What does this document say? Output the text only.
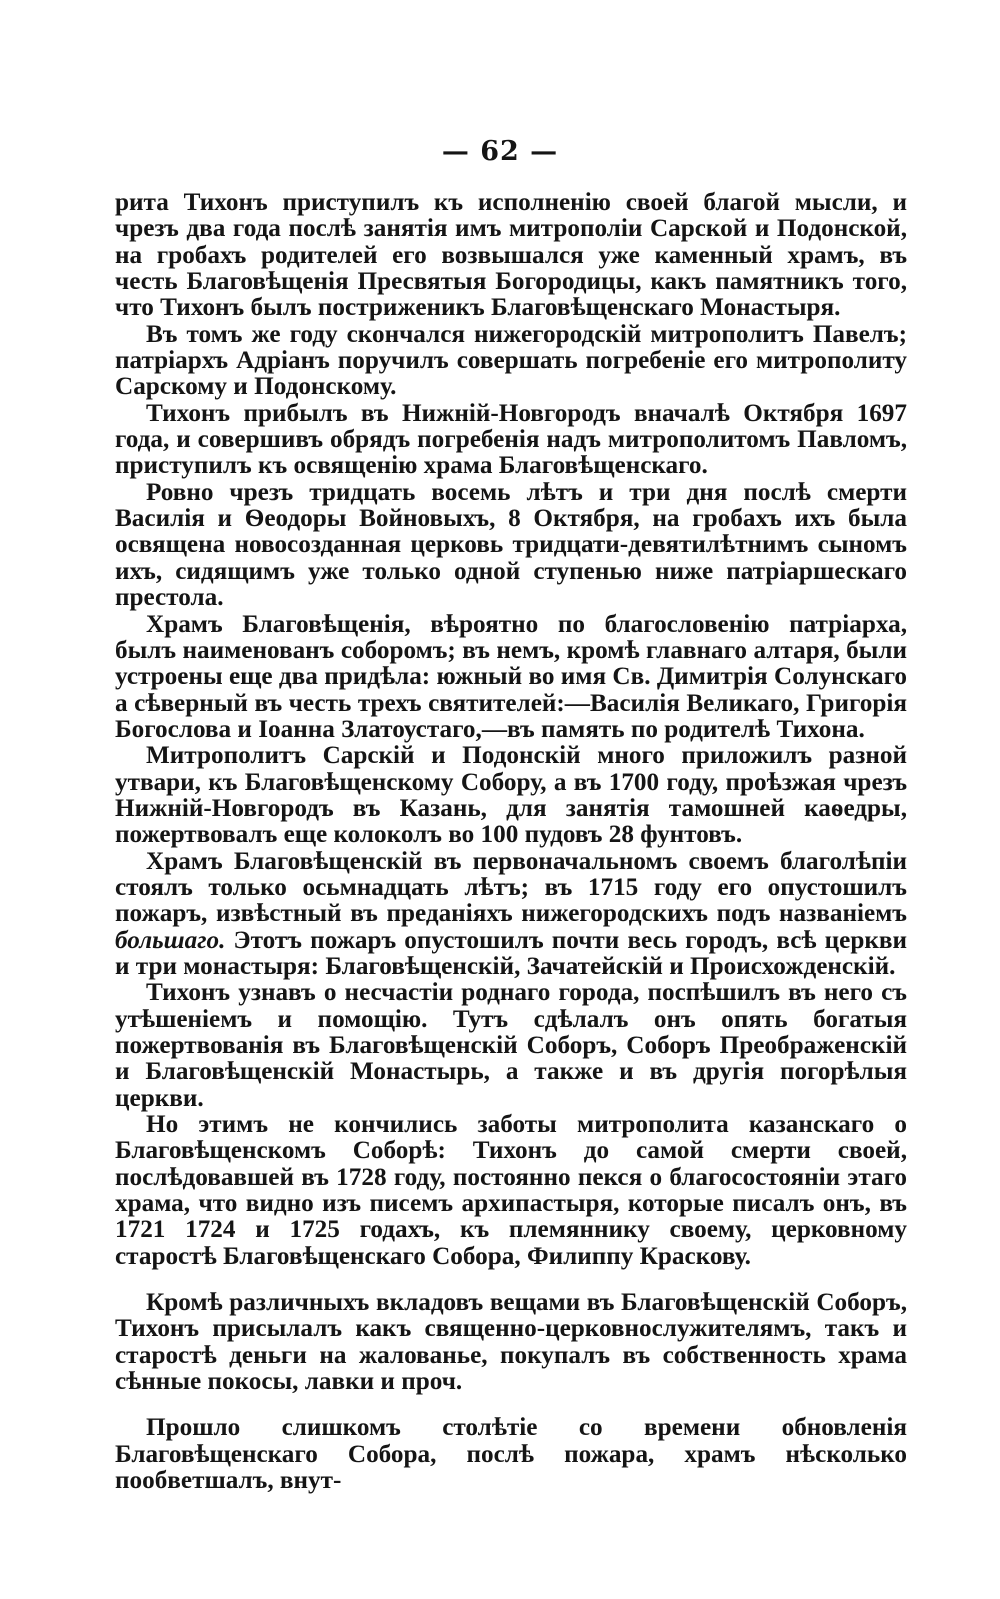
— 62 —

рита Тихонъ приступилъ къ исполненію своей благой мысли, и чрезъ два года послѣ занятія имъ митрополіи Сарской и Подонской, на гробахъ родителей его возвышался уже каменный храмъ, въ честь Благовѣщенія Пресвятыя Богородицы, какъ памятникъ того, что Тихонъ былъ постриженикъ Благовѣщенскаго Монастыря.

Въ томъ же году скончался нижегородскій митрополитъ Павелъ; патріархъ Адріанъ поручилъ совершать погребеніе его митрополиту Сарскому и Подонскому.

Тихонъ прибылъ въ Нижній-Новгородъ вначалѣ Октября 1697 года, и совершивъ обрядъ погребенія надъ митрополитомъ Павломъ, приступилъ къ освященію храма Благовѣщенскаго.

Ровно чрезъ тридцать восемь лѣтъ и три дня послѣ смерти Василія и Ѳеодоры Войновыхъ, 8 Октября, на гробахъ ихъ была освящена новосозданная церковь тридцати-девятилѣтнимъ сыномъ ихъ, сидящимъ уже только одной ступенью ниже патріаршескаго престола.

Храмъ Благовѣщенія, вѣроятно по благословенію патріарха, былъ наименованъ соборомъ; въ немъ, кромѣ главнаго алтаря, были устроены еще два придѣла: южный во имя Св. Димитрія Солунскаго а сѣверный въ честь трехъ святителей:—Василія Великаго, Григорія Богослова и Іоанна Златоустаго,—въ память по родителѣ Тихона.

Митрополитъ Сарскій и Подонскій много приложилъ разной утвари, къ Благовѣщенскому Собору, а въ 1700 году, проѣзжая чрезъ Нижній-Новгородъ въ Казань, для занятія тамошней каѳедры, пожертвовалъ еще колоколъ во 100 пудовъ 28 фунтовъ.

Храмъ Благовѣщенскій въ первоначальномъ своемъ благолѣпіи стоялъ только осьмнадцать лѣтъ; въ 1715 году его опустошилъ пожаръ, извѣстный въ преданіяхъ нижегородскихъ подъ названіемъ большаго. Этотъ пожаръ опустошилъ почти весь городъ, всѣ церкви и три монастыря: Благовѣщенскій, Зачатейскій и Происхожденскій.

Тихонъ узнавъ о несчастіи роднаго города, поспѣшилъ въ него съ утѣшеніемъ и помощію. Тутъ сдѣлалъ онъ опять богатыя пожертвованія въ Благовѣщенскій Соборъ, Соборъ Преображенскій и Благовѣщенскій Монастырь, а также и въ другія погорѣлыя церкви.

Но этимъ не кончились заботы митрополита казанскаго о Благовѣщенскомъ Соборѣ: Тихонъ до самой смерти своей, послѣдовавшей въ 1728 году, постоянно пекся о благосостояніи этаго храма, что видно изъ писемъ архипастыря, которые писалъ онъ, въ 1721 1724 и 1725 годахъ, къ племяннику своему, церковному старостѣ Благовѣщенскаго Собора, Филиппу Краскову.

Кромѣ различныхъ вкладовъ вещами въ Благовѣщенскій Соборъ, Тихонъ присылалъ какъ священно-церковнослужителямъ, такъ и старостѣ деньги на жалованье, покупалъ въ собственность храма сѣнные покосы, лавки и проч.

Прошло слишкомъ столѣтіе со времени обновленія Благовѣщенскаго Собора, послѣ пожара, храмъ нѣсколько пообветшалъ, внут-
